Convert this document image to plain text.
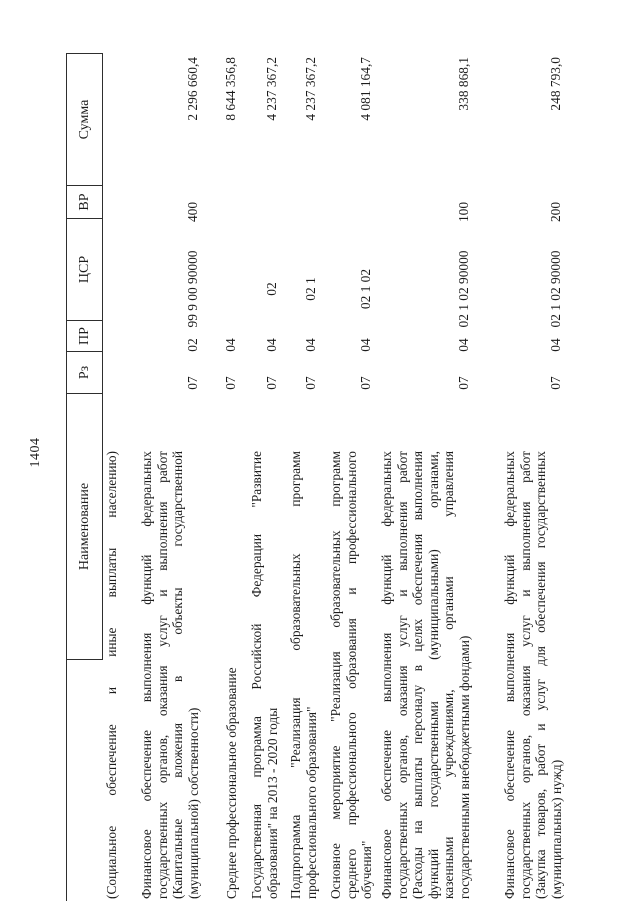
1404
Наименование
Рз
ПР
ЦСР
ВР
Сумма
(Социальное обеспечение и иные выплаты населению) Финансовое обеспечение выполнения функций федеральных государственных органов, оказания услуг и выполнения работ (Капитальные вложения в объекты государственной (муниципальной) собственности)
07
02
99 9 00 90000
400
2 296 660,4
Среднее профессиональное образование
07
04
8 644 356,8
Государственная программа Российской Федерации "Развитие образования" на 2013 - 2020 годы
07
04
02
4 237 367,2
Подпрограмма "Реализация образовательных программ профессионального образования"
07
04
02 1
4 237 367,2
Основное мероприятие "Реализация образовательных программ среднего профессионального образования и профессионального обучения"
07
04
02 1 02
4 081 164,7
Финансовое обеспечение выполнения функций федеральных государственных органов, оказания услуг и выполнения работ (Расходы на выплаты персоналу в целях обеспечения выполнения функций государственными (муниципальными) органами, казенными учреждениями, органами управления государственными внебюджетными фондами)
07
04
02 1 02 90000
100
338 868,1
Финансовое обеспечение выполнения функций федеральных государственных органов, оказания услуг и выполнения работ (Закупка товаров, работ и услуг для обеспечения государственных (муниципальных) нужд)
07
04
02 1 02 90000
200
248 793,0
